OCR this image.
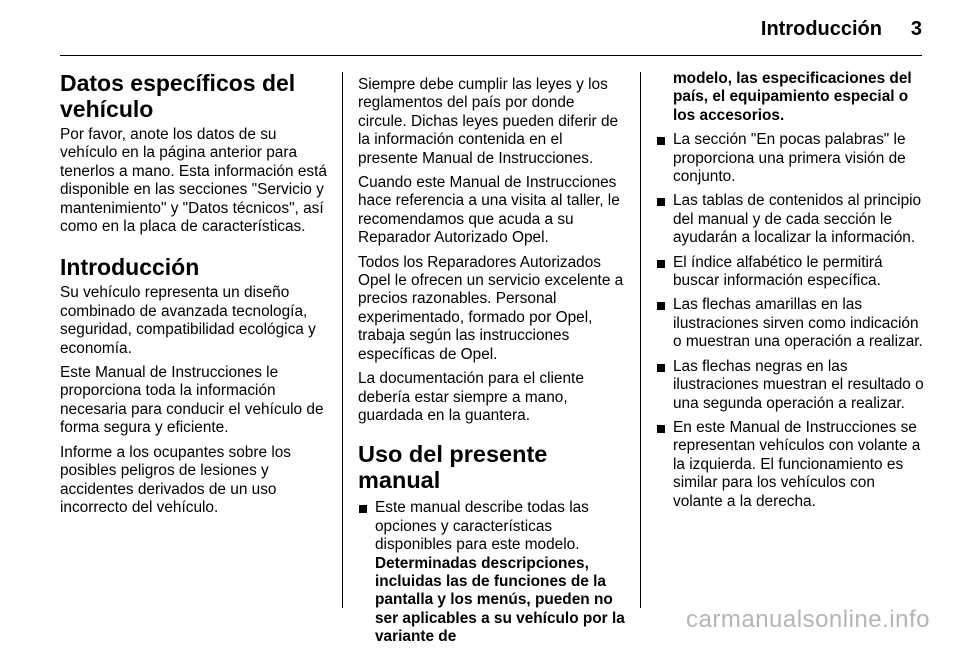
Introducción 3
Datos específicos del vehículo

Por favor, anote los datos de su vehículo en la página anterior para tenerlos a mano. Esta información está disponible en las secciones "Servicio y mantenimiento" y "Datos técnicos", así como en la placa de características.

Introducción

Su vehículo representa un diseño combinado de avanzada tecnología, seguridad, compatibilidad ecológica y economía.

Este Manual de Instrucciones le proporciona toda la información necesaria para conducir el vehículo de forma segura y eficiente.

Informe a los ocupantes sobre los posibles peligros de lesiones y accidentes derivados de un uso incorrecto del vehículo.

Siempre debe cumplir las leyes y los reglamentos del país por donde circule. Dichas leyes pueden diferir de la información contenida en el presente Manual de Instrucciones.

Cuando este Manual de Instrucciones hace referencia a una visita al taller, le recomendamos que acuda a su Reparador Autorizado Opel.

Todos los Reparadores Autorizados Opel le ofrecen un servicio excelente a precios razonables. Personal experimentado, formado por Opel, trabaja según las instrucciones específicas de Opel.

La documentación para el cliente debería estar siempre a mano, guardada en la guantera.

Uso del presente manual
Este manual describe todas las opciones y características disponibles para este modelo. Determinadas descripciones, incluidas las de funciones de la pantalla y los menús, pueden no ser aplicables a su vehículo por la variante de
modelo, las especificaciones del país, el equipamiento especial o los accesorios.
La sección "En pocas palabras" le proporciona una primera visión de conjunto.
Las tablas de contenidos al principio del manual y de cada sección le ayudarán a localizar la información.
El índice alfabético le permitirá buscar información específica.
Las flechas amarillas en las ilustraciones sirven como indicación o muestran una operación a realizar.
Las flechas negras en las ilustraciones muestran el resultado o una segunda operación a realizar.
En este Manual de Instrucciones se representan vehículos con volante a la izquierda. El funcionamiento es similar para los vehículos con volante a la derecha.
carmanualsonline.info
